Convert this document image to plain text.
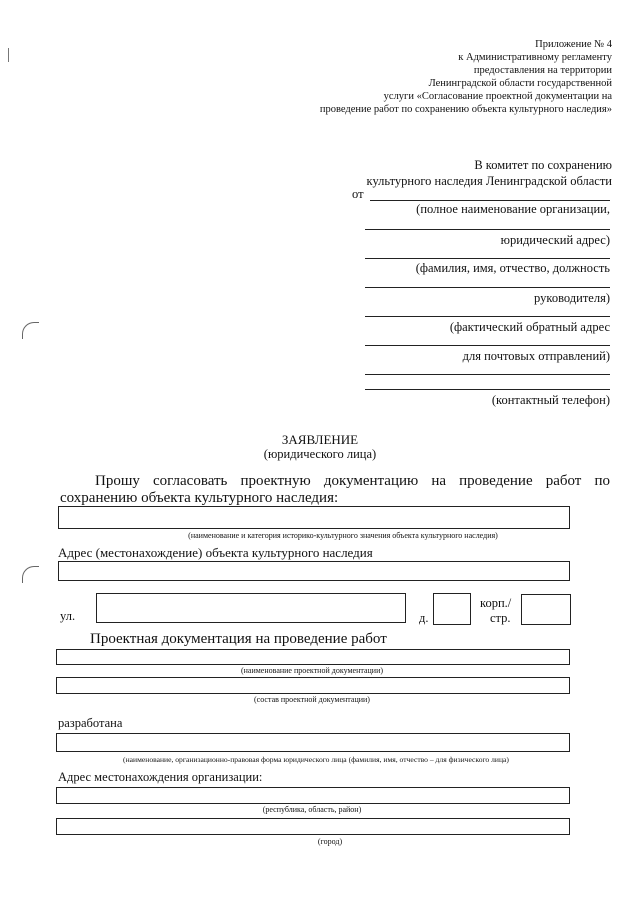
Приложение № 4
к Административному регламенту
предоставления на территории
Ленинградской области государственной
услуги «Согласование проектной документации на
проведение работ по сохранению объекта культурного наследия»
В комитет по сохранению
культурного наследия Ленинградской области
от
(полное наименование организации,
юридический адрес)
(фамилия, имя, отчество, должность
руководителя)
(фактический обратный адрес
для почтовых отправлений)
(контактный телефон)
ЗАЯВЛЕНИЕ
(юридического лица)
Прошу согласовать проектную документацию на проведение работ по
сохранению объекта культурного наследия:
(наименование и категория историко-культурного значения объекта культурного наследия)
Адрес (местонахождение) объекта культурного наследия
ул.	д.
корп./
стр.
Проектная документация на проведение работ
(наименование проектной документации)
(состав проектной документации)
разработана
(наименование, организационно-правовая форма юридического лица (фамилия, имя, отчество – для физического лица)
Адрес местонахождения организации:
(республика, область, район)
(город)
